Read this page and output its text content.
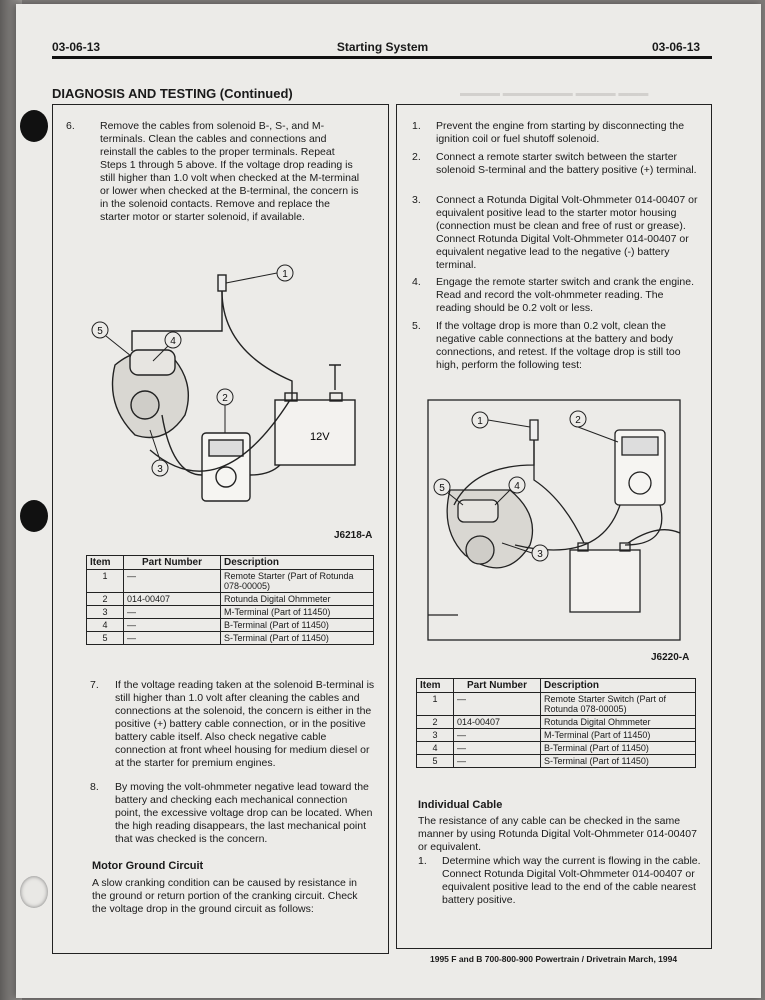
▬▬▬ ▬▬▬▬ ▬▬▬▬▬▬▬ ▬▬▬▬
03-06-13	Starting System	03-06-13
DIAGNOSIS AND TESTING (Continued)
6. Remove the cables from solenoid B-, S-, and M-terminals. Clean the cables and connections and reinstall the cables to the proper terminals. Repeat Steps 1 through 5 above. If the voltage drop reading is still higher than 1.0 volt when checked at the M-terminal or lower when checked at the B-terminal, the concern is in the solenoid contacts. Remove and replace the starter motor or starter solenoid, if available.
12V
1
2
3
4
5
J6218-A
Item	Part Number	Description
1	—	Remote Starter (Part of Rotunda 078-00005)
2	014-00407	Rotunda Digital Ohmmeter
3	—	M-Terminal (Part of 11450)
4	—	B-Terminal (Part of 11450)
5	—	S-Terminal (Part of 11450)
7. If the voltage reading taken at the solenoid B-terminal is still higher than 1.0 volt after cleaning the cables and connections at the solenoid, the concern is either in the positive (+) battery cable connection, or in the positive battery cable itself. Also check negative cable connection at front wheel housing for medium diesel or at the starter for premium engines.
8. By moving the volt-ohmmeter negative lead toward the battery and checking each mechanical connection point, the excessive voltage drop can be located. When the high reading disappears, the last mechanical point that was checked is the concern.
Motor Ground Circuit
A slow cranking condition can be caused by resistance in the ground or return portion of the cranking circuit. Check the voltage drop in the ground circuit as follows:
1. Prevent the engine from starting by disconnecting the ignition coil or fuel shutoff solenoid.
2. Connect a remote starter switch between the starter solenoid S-terminal and the battery positive (+) terminal.
3. Connect a Rotunda Digital Volt-Ohmmeter 014-00407 or equivalent positive lead to the starter motor housing (connection must be clean and free of rust or grease). Connect Rotunda Digital Volt-Ohmmeter 014-00407 or equivalent negative lead to the negative (-) battery terminal.
4. Engage the remote starter switch and crank the engine. Read and record the volt-ohmmeter reading. The reading should be 0.2 volt or less.
5. If the voltage drop is more than 0.2 volt, clean the negative cable connections at the battery and body connections, and retest. If the voltage drop is still too high, perform the following test:
1	2
3
4
5
J6220-A
Item	Part Number	Description
1	—	Remote Starter Switch (Part of Rotunda 078-00005)
2	014-00407	Rotunda Digital Ohmmeter
3	—	M-Terminal (Part of 11450)
4	—	B-Terminal (Part of 11450)
5	—	S-Terminal (Part of 11450)
Individual Cable
The resistance of any cable can be checked in the same manner by using Rotunda Digital Volt-Ohmmeter 014-00407 or equivalent.
1. Determine which way the current is flowing in the cable. Connect Rotunda Digital Volt-Ohmmeter 014-00407 or equivalent positive lead to the end of the cable nearest battery positive.
1995 F and B 700-800-900 Powertrain / Drivetrain March, 1994
